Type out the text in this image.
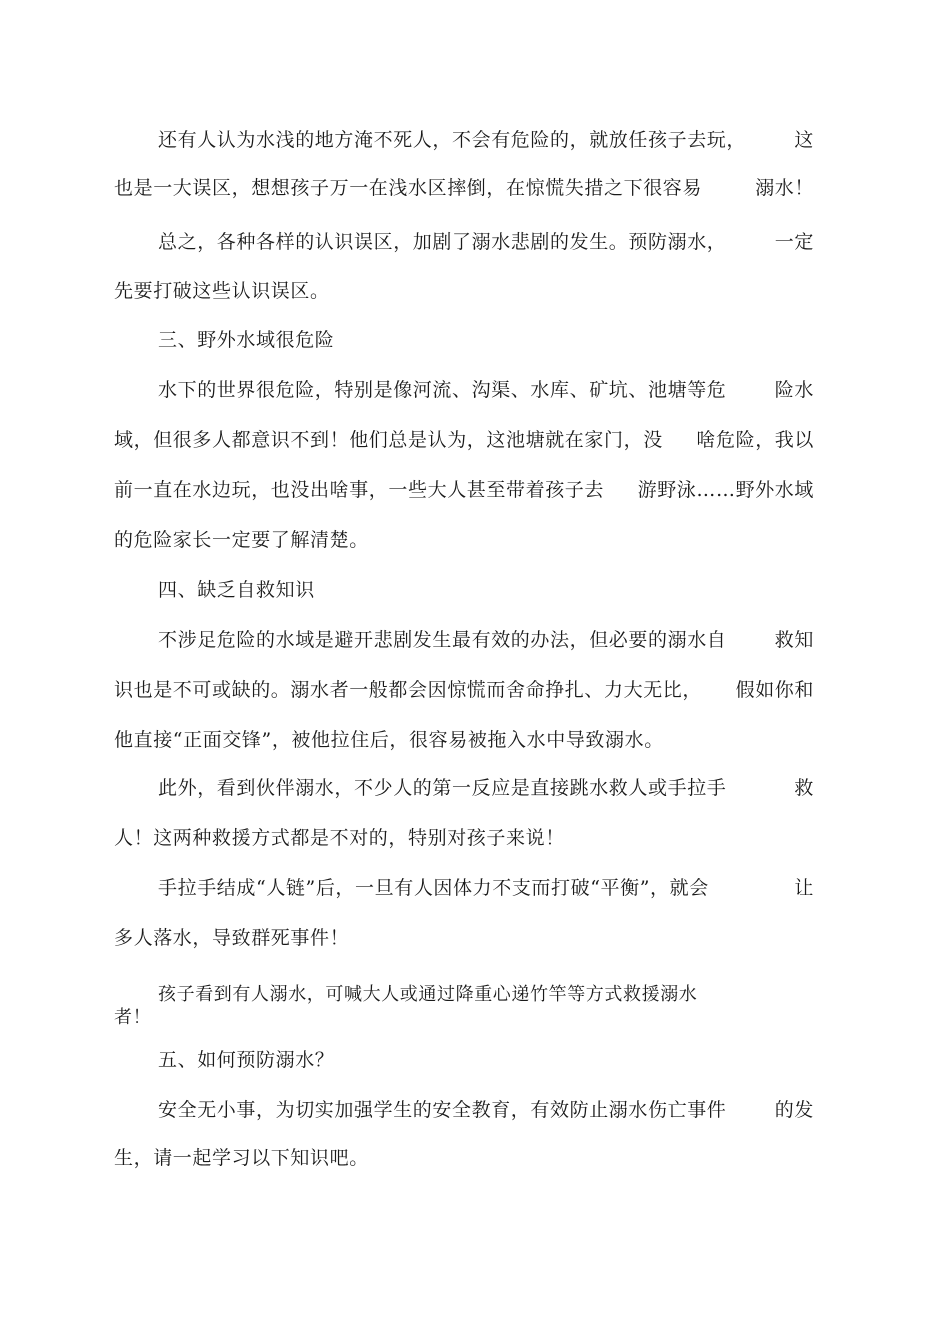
还有人认为水浅的地方淹不死人，不会有危险的，就放任孩子去玩，	这
也是一大误区，想想孩子万一在浅水区摔倒，在惊慌失措之下很容易	溺水！
总之，各种各样的认识误区，加剧了溺水悲剧的发生。预防溺水，	一定
先要打破这些认识误区。
三、野外水域很危险
水下的世界很危险，特别是像河流、沟渠、水库、矿坑、池塘等危	险水
域，但很多人都意识不到！他们总是认为，这池塘就在家门，没 啥危险，我以
前一直在水边玩，也没出啥事，一些大人甚至带着孩子去 游野泳……野外水域
的危险家长一定要了解清楚。
四、缺乏自救知识
不涉足危险的水域是避开悲剧发生最有效的办法，但必要的溺水自	救知
识也是不可或缺的。溺水者一般都会因惊慌而舍命挣扎、力大无比， 假如你和
他直接“正面交锋”，被他拉住后，很容易被拖入水中导致溺水。
此外，看到伙伴溺水，不少人的第一反应是直接跳水救人或手拉手	救
人！这两种救援方式都是不对的，特别对孩子来说！
手拉手结成“人链”后，一旦有人因体力不支而打破“平衡”，就会	让
多人落水，导致群死事件！
孩子看到有人溺水，可喊大人或通过降重心递竹竿等方式救援溺水
者！
五、如何预防溺水？
安全无小事，为切实加强学生的安全教育，有效防止溺水伤亡事件	的发
生，请一起学习以下知识吧。
